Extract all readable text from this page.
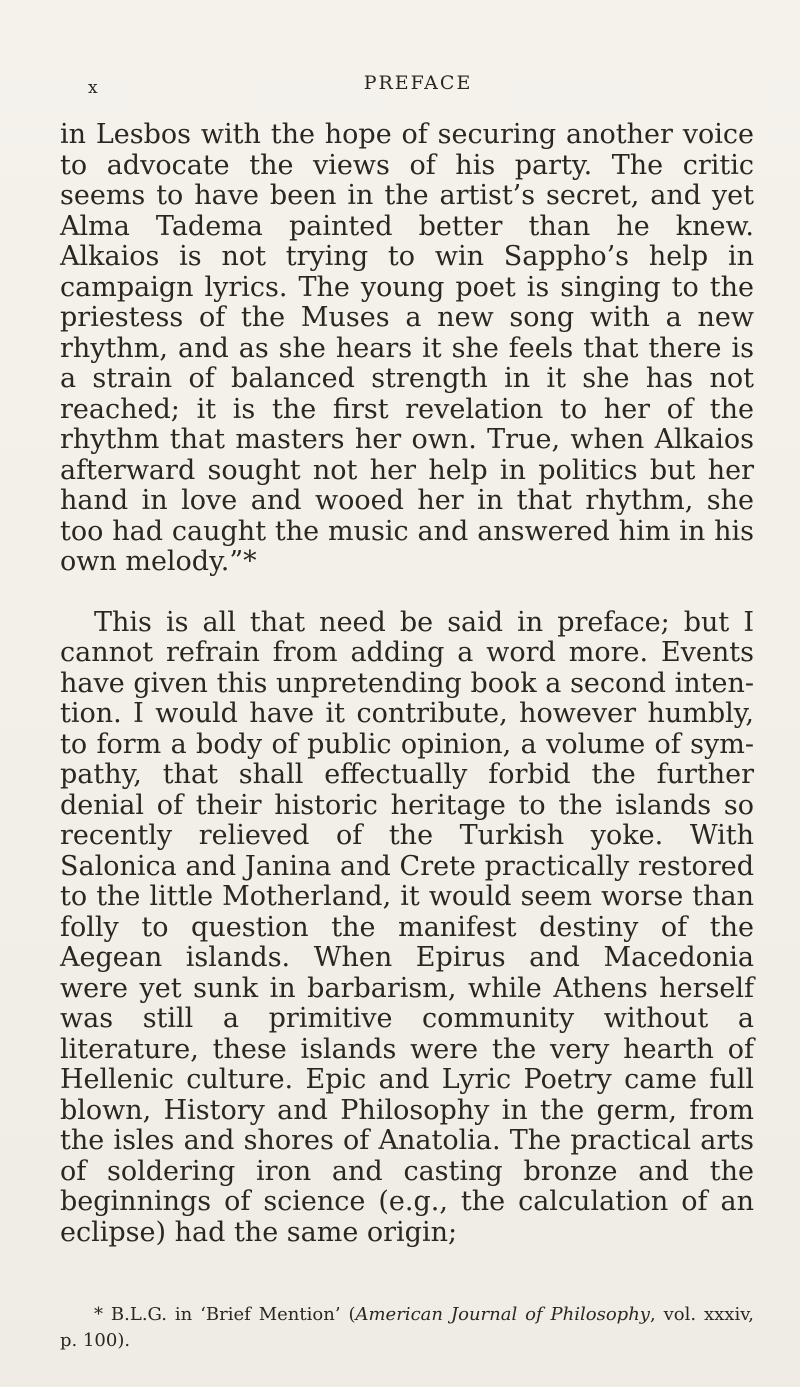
x	PREFACE

in Lesbos with the hope of securing another voice to advocate the views of his party. The critic seems to have been in the artist’s secret, and yet Alma Tadema painted better than he knew. Alkaios is not trying to win Sappho’s help in campaign lyrics. The young poet is singing to the priestess of the Muses a new song with a new rhythm, and as she hears it she feels that there is a strain of balanced strength in it she has not reached; it is the first revelation to her of the rhythm that masters her own. True, when Alkaios afterward sought not her help in politics but her hand in love and wooed her in that rhythm, she too had caught the music and answered him in his own melody.”*

This is all that need be said in preface; but I cannot refrain from adding a word more. Events have given this unpretending book a second intention. I would have it contribute, however humbly, to form a body of public opinion, a volume of sympathy, that shall effectually forbid the further denial of their historic heritage to the islands so recently relieved of the Turkish yoke. With Salonica and Janina and Crete practically restored to the little Motherland, it would seem worse than folly to question the manifest destiny of the Aegean islands. When Epirus and Macedonia were yet sunk in barbarism, while Athens herself was still a primitive community without a literature, these islands were the very hearth of Hellenic culture. Epic and Lyric Poetry came full blown, History and Philosophy in the germ, from the isles and shores of Anatolia. The practical arts of soldering iron and casting bronze and the beginnings of science (e.g., the calculation of an eclipse) had the same origin;

* B.L.G. in ‘Brief Mention’ (American Journal of Philosophy, vol. xxxiv, p. 100).
